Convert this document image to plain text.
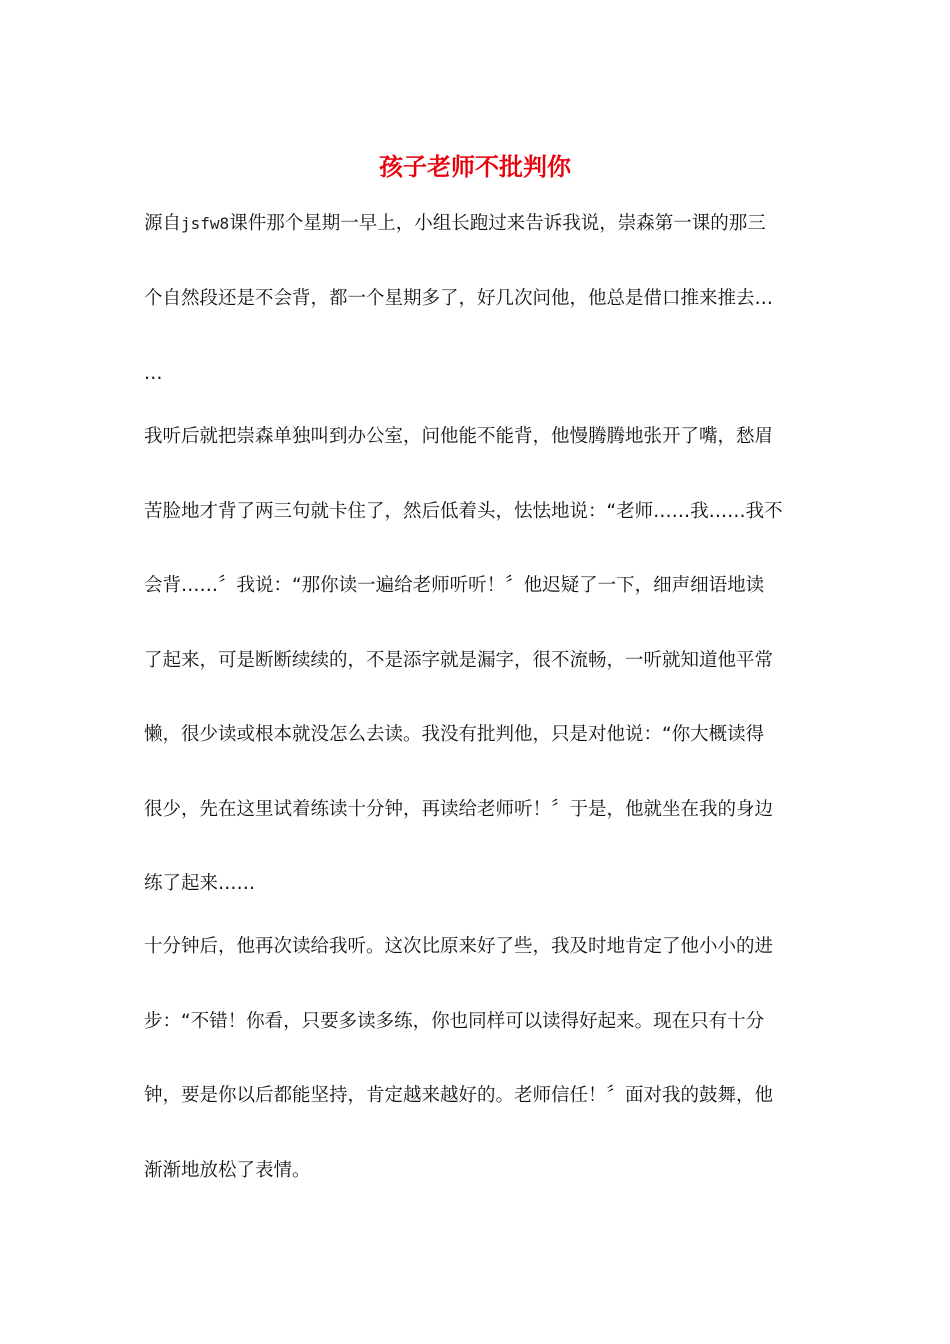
孩子老师不批判你

源自jsfw8课件那个星期一早上，小组长跑过来告诉我说，崇森第一课的那三

个自然段还是不会背，都一个星期多了，好几次问他，他总是借口推来推去…

…

我听后就把崇森单独叫到办公室，问他能不能背，他慢腾腾地张开了嘴，愁眉

苦脸地才背了两三句就卡住了，然后低着头，怯怯地说：“老师……我……我不

会背……〞我说：“那你读一遍给老师听听！〞他迟疑了一下，细声细语地读

了起来，可是断断续续的，不是添字就是漏字，很不流畅，一听就知道他平常

懒，很少读或根本就没怎么去读。我没有批判他，只是对他说：“你大概读得

很少，先在这里试着练读十分钟，再读给老师听！〞于是，他就坐在我的身边

练了起来……

十分钟后，他再次读给我听。这次比原来好了些，我及时地肯定了他小小的进

步：“不错！你看，只要多读多练，你也同样可以读得好起来。现在只有十分

钟，要是你以后都能坚持，肯定越来越好的。老师信任！〞面对我的鼓舞，他

渐渐地放松了表情。
